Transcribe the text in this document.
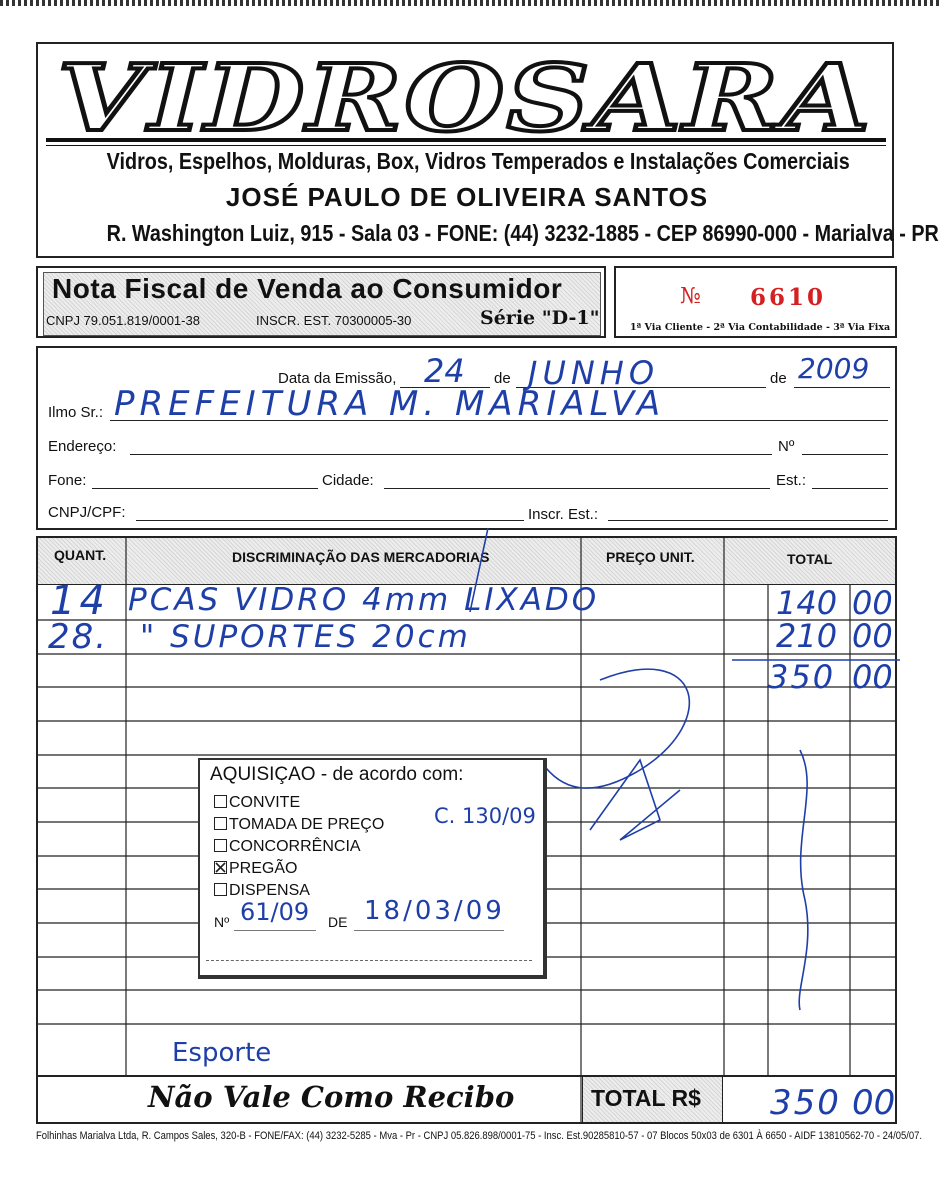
VIDROSARA
Vidros, Espelhos, Molduras, Box, Vidros Temperados e Instalações Comerciais
JOSÉ PAULO DE OLIVEIRA SANTOS
R. Washington Luiz, 915 - Sala 03 - FONE: (44) 3232-1885 - CEP 86990-000 - Marialva - PR
Nota Fiscal de Venda ao Consumidor
CNPJ 79.051.819/0001-38	INSCR. EST. 70300005-30	Série "D-1"
№ 6610
1ª Via Cliente - 2ª Via Contabilidade - 3ª Via Fixa
Data da Emissão, 24 de JUNHO	de 2009
Ilmo Sr.: PREFEITURA M. MARIALVA
Endereço:	Nº
Fone:	Cidade:	Est.:
CNPJ/CPF:	Inscr. Est.:
QUANT.	DISCRIMINAÇÃO DAS MERCADORIAS	PREÇO UNIT.	TOTAL
14 PCAS VIDRO 4mm LIXADO	140 00
28. " SUPORTES 20cm	210 00
350 00
AQUISIÇAO - de acordo com:
CONVITE
TOMADA DE PREÇO C. 130/09
CONCORRÊNCIA
PREGÃO
DISPENSA
Nº 61/09 DE 18/03/09
Esporte
Não Vale Como Recibo	TOTAL R$ 350 00
Folhinhas Marialva Ltda, R. Campos Sales, 320-B - FONE/FAX: (44) 3232-5285 - Mva - Pr - CNPJ 05.826.898/0001-75 - Insc. Est.90285810-57 - 07 Blocos 50x03 de 6301 À 6650 - AIDF 13810562-70 - 24/05/07.
